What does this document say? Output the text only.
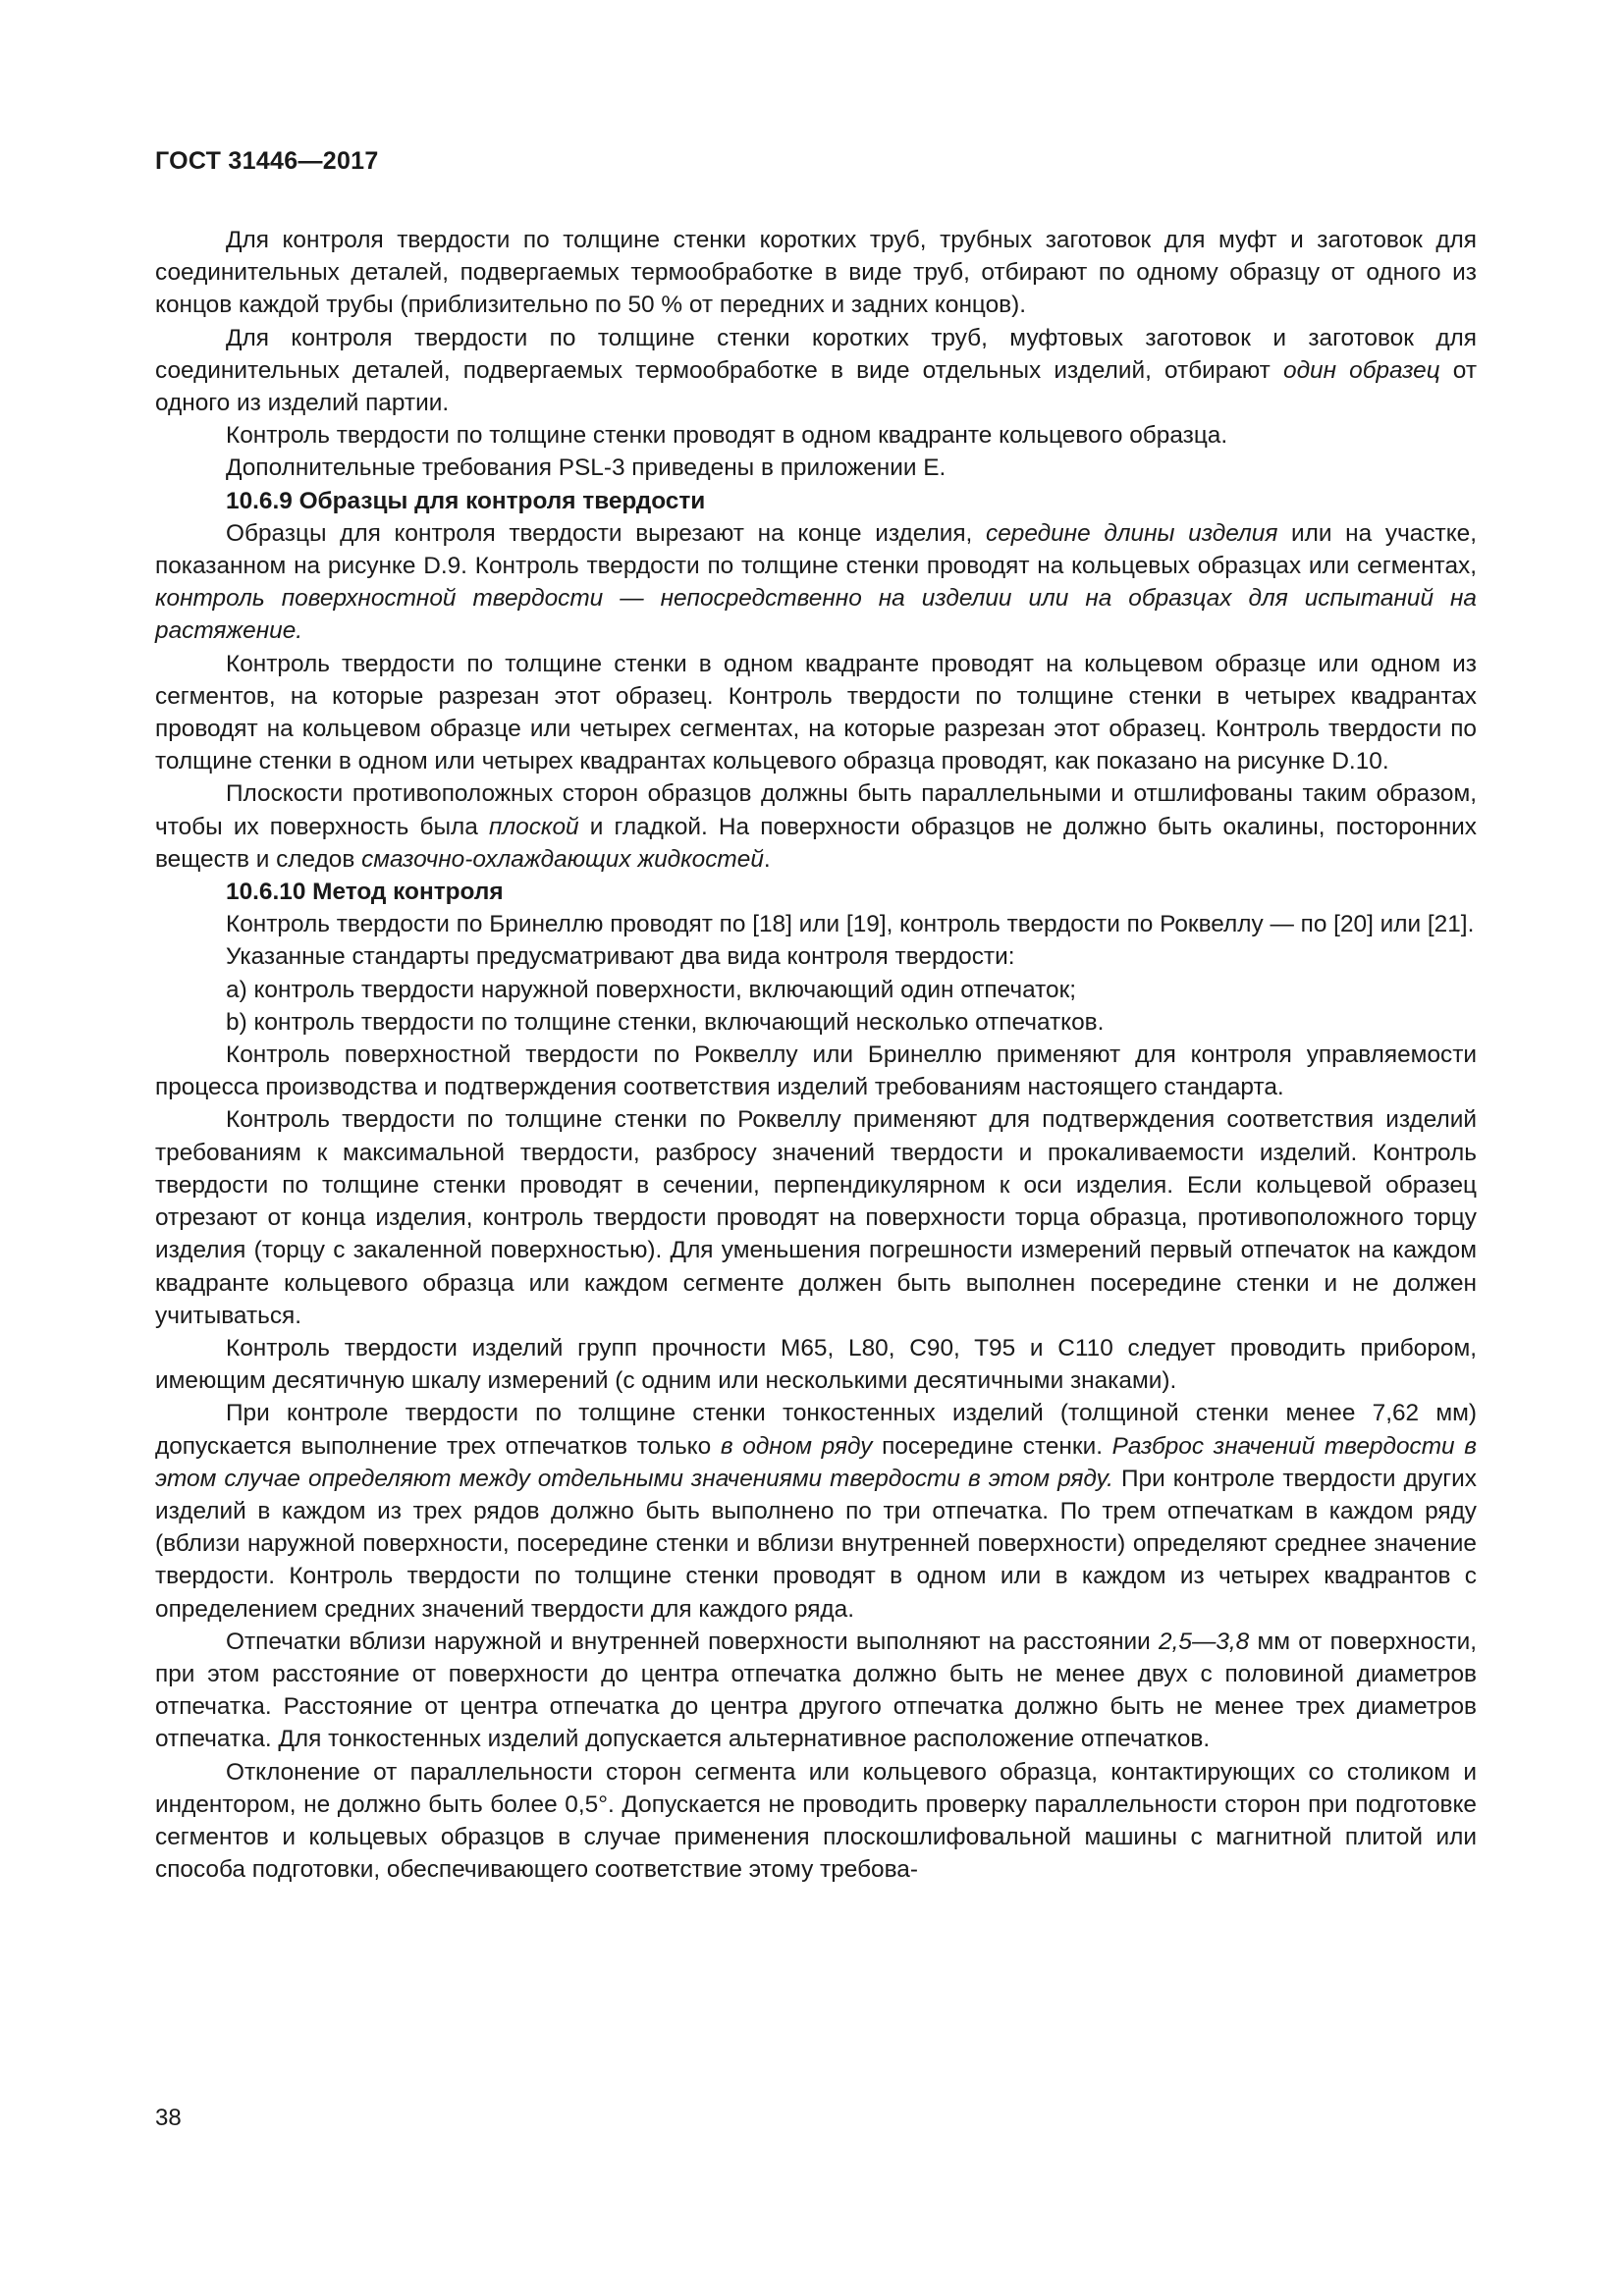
ГОСТ 31446—2017

Для контроля твердости по толщине стенки коротких труб, трубных заготовок для муфт и заготовок для соединительных деталей, подвергаемых термообработке в виде труб, отбирают по одному образцу от одного из концов каждой трубы (приблизительно по 50 % от передних и задних концов).

Для контроля твердости по толщине стенки коротких труб, муфтовых заготовок и заготовок для соединительных деталей, подвергаемых термообработке в виде отдельных изделий, отбирают один образец от одного из изделий партии.

Контроль твердости по толщине стенки проводят в одном квадранте кольцевого образца.

Дополнительные требования PSL-3 приведены в приложении E.

10.6.9 Образцы для контроля твердости

Образцы для контроля твердости вырезают на конце изделия, середине длины изделия или на участке, показанном на рисунке D.9. Контроль твердости по толщине стенки проводят на кольцевых образцах или сегментах, контроль поверхностной твердости — непосредственно на изделии или на образцах для испытаний на растяжение.

Контроль твердости по толщине стенки в одном квадранте проводят на кольцевом образце или одном из сегментов, на которые разрезан этот образец. Контроль твердости по толщине стенки в четырех квадрантах проводят на кольцевом образце или четырех сегментах, на которые разрезан этот образец. Контроль твердости по толщине стенки в одном или четырех квадрантах кольцевого образца проводят, как показано на рисунке D.10.

Плоскости противоположных сторон образцов должны быть параллельными и отшлифованы таким образом, чтобы их поверхность была плоской и гладкой. На поверхности образцов не должно быть окалины, посторонних веществ и следов смазочно-охлаждающих жидкостей.

10.6.10 Метод контроля

Контроль твердости по Бринеллю проводят по [18] или [19], контроль твердости по Роквеллу — по [20] или [21].

Указанные стандарты предусматривают два вида контроля твердости:

a) контроль твердости наружной поверхности, включающий один отпечаток;

b) контроль твердости по толщине стенки, включающий несколько отпечатков.

Контроль поверхностной твердости по Роквеллу или Бринеллю применяют для контроля управляемости процесса производства и подтверждения соответствия изделий требованиям настоящего стандарта.

Контроль твердости по толщине стенки по Роквеллу применяют для подтверждения соответствия изделий требованиям к максимальной твердости, разбросу значений твердости и прокаливаемости изделий. Контроль твердости по толщине стенки проводят в сечении, перпендикулярном к оси изделия. Если кольцевой образец отрезают от конца изделия, контроль твердости проводят на поверхности торца образца, противоположного торцу изделия (торцу с закаленной поверхностью). Для уменьшения погрешности измерений первый отпечаток на каждом квадранте кольцевого образца или каждом сегменте должен быть выполнен посередине стенки и не должен учитываться.

Контроль твердости изделий групп прочности M65, L80, C90, T95 и C110 следует проводить прибором, имеющим десятичную шкалу измерений (с одним или несколькими десятичными знаками).

При контроле твердости по толщине стенки тонкостенных изделий (толщиной стенки менее 7,62 мм) допускается выполнение трех отпечатков только в одном ряду посередине стенки. Разброс значений твердости в этом случае определяют между отдельными значениями твердости в этом ряду. При контроле твердости других изделий в каждом из трех рядов должно быть выполнено по три отпечатка. По трем отпечаткам в каждом ряду (вблизи наружной поверхности, посередине стенки и вблизи внутренней поверхности) определяют среднее значение твердости. Контроль твердости по толщине стенки проводят в одном или в каждом из четырех квадрантов с определением средних значений твердости для каждого ряда.

Отпечатки вблизи наружной и внутренней поверхности выполняют на расстоянии 2,5—3,8 мм от поверхности, при этом расстояние от поверхности до центра отпечатка должно быть не менее двух с половиной диаметров отпечатка. Расстояние от центра отпечатка до центра другого отпечатка должно быть не менее трех диаметров отпечатка. Для тонкостенных изделий допускается альтернативное расположение отпечатков.

Отклонение от параллельности сторон сегмента или кольцевого образца, контактирующих со столиком и индентором, не должно быть более 0,5°. Допускается не проводить проверку параллельности сторон при подготовке сегментов и кольцевых образцов в случае применения плоскошлифовальной машины с магнитной плитой или способа подготовки, обеспечивающего соответствие этому требова-

38
